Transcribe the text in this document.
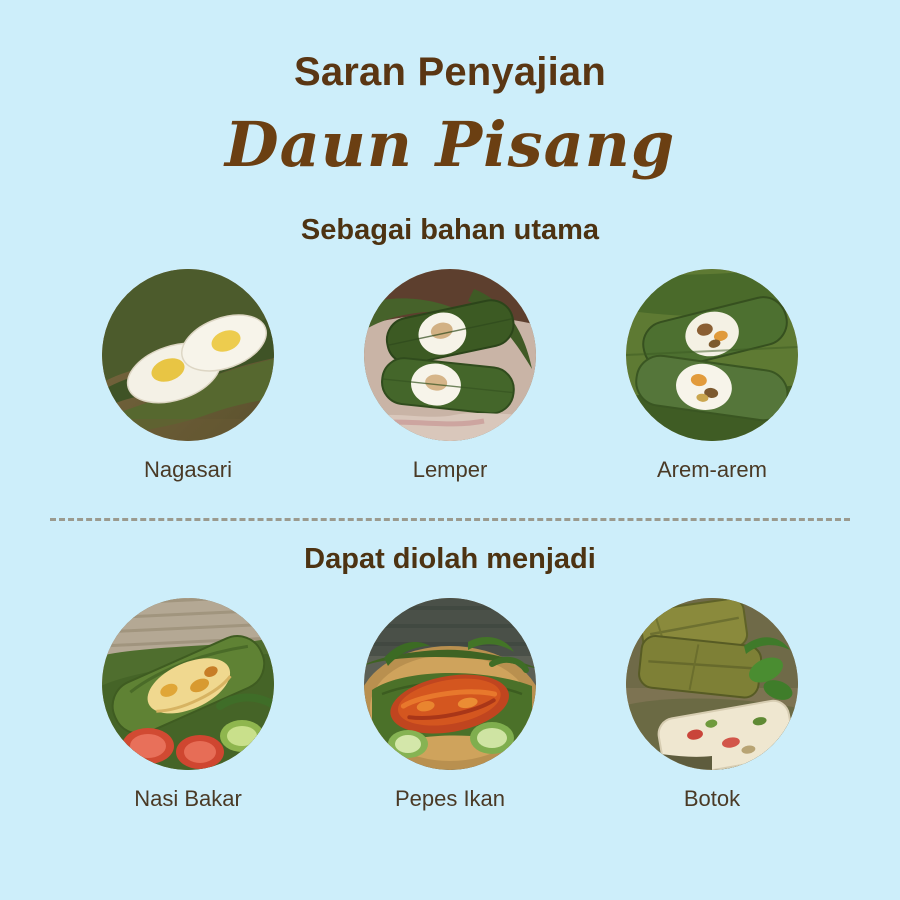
Saran Penyajian
Daun Pisang
Sebagai bahan utama
Nagasari	Lemper	Arem-arem
Dapat diolah menjadi
Nasi Bakar	Pepes Ikan	Botok
